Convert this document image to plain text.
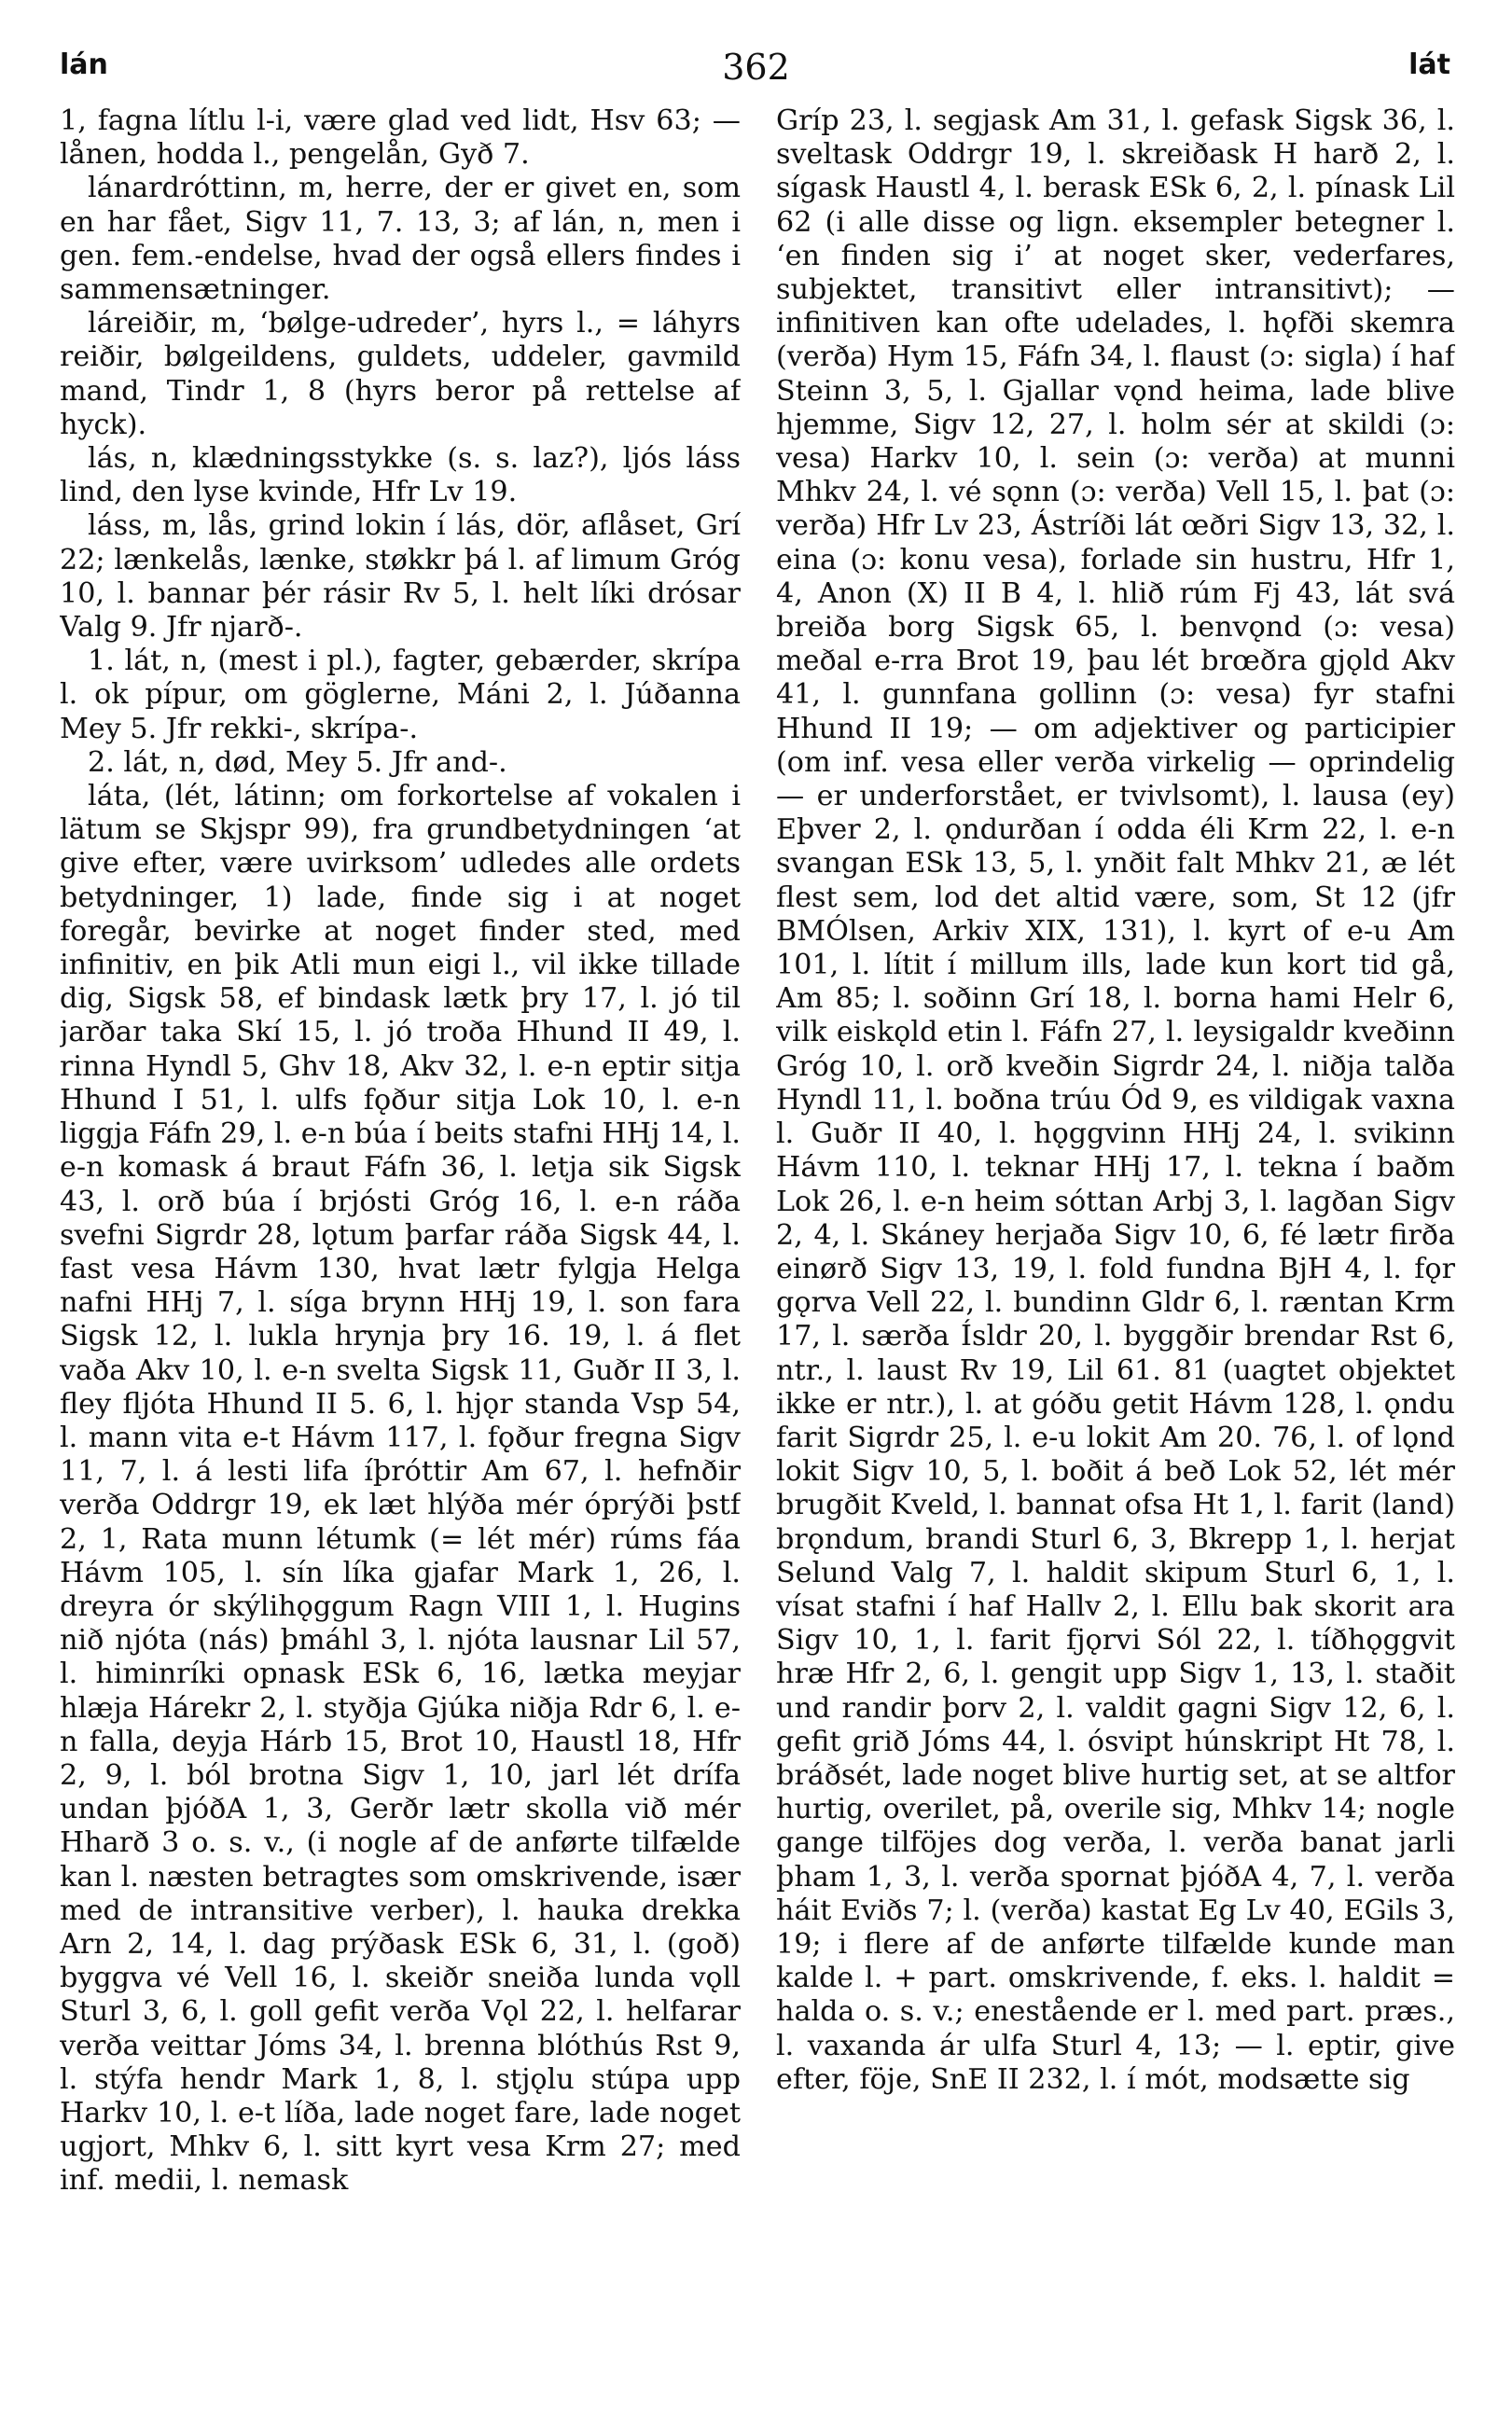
lán	362	lát

1, fagna lítlu l-i, være glad ved lidt, Hsv 63; — lånen, hodda l., pengelån, Gyð 7.

lánardróttinn, m, herre, der er givet en, som en har fået, Sigv 11, 7. 13, 3; af lán, n, men i gen. fem.-endelse, hvad der også ellers findes i sammensætninger.

láreiðir, m, ‘bølge-udreder’, hyrs l., = láhyrs reiðir, bølgeildens, guldets, uddeler, gavmild mand, Tindr 1, 8 (hyrs beror på rettelse af hyck).

lás, n, klædningsstykke (s. s. laz?), ljós láss lind, den lyse kvinde, Hfr Lv 19.

láss, m, lås, grind lokin í lás, dör, aflåset, Grí 22; lænkelås, lænke, støkkr þá l. af limum Gróg 10, l. bannar þér rásir Rv 5, l. helt líki drósar Valg 9. Jfr njarð-.

1. lát, n, (mest i pl.), fagter, gebærder, skrípa l. ok pípur, om göglerne, Máni 2, l. Júðanna Mey 5. Jfr rekki-, skrípa-.

2. lát, n, død, Mey 5. Jfr and-.

láta, (lét, látinn; om forkortelse af vokalen i lätum se Skjspr 99), fra grundbetydningen ‘at give efter, være uvirksom’ udledes alle ordets betydninger, 1) lade, finde sig i at noget foregår, bevirke at noget finder sted, med infinitiv, en þik Atli mun eigi l., vil ikke tillade dig, Sigsk 58, ef bindask lætk þry 17, l. jó til jarðar taka Skí 15, l. jó troða Hhund II 49, l. rinna Hyndl 5, Ghv 18, Akv 32, l. e-n eptir sitja Hhund I 51, l. ulfs fǫður sitja Lok 10, l. e-n liggja Fáfn 29, l. e-n búa í beits stafni HHj 14, l. e-n komask á braut Fáfn 36, l. letja sik Sigsk 43, l. orð búa í brjósti Gróg 16, l. e-n ráða svefni Sigrdr 28, lǫtum þarfar ráða Sigsk 44, l. fast vesa Hávm 130, hvat lætr fylgja Helga nafni HHj 7, l. síga brynn HHj 19, l. son fara Sigsk 12, l. lukla hrynja þry 16. 19, l. á flet vaða Akv 10, l. e-n svelta Sigsk 11, Guðr II 3, l. fley fljóta Hhund II 5. 6, l. hjǫr standa Vsp 54, l. mann vita e-t Hávm 117, l. fǫður fregna Sigv 11, 7, l. á lesti lifa íþróttir Am 67, l. hefnðir verða Oddrgr 19, ek læt hlýða mér óprýði þstf 2, 1, Rata munn létumk (= lét mér) rúms fáa Hávm 105, l. sín líka gjafar Mark 1, 26, l. dreyra ór skýlihǫggum Ragn VIII 1, l. Hugins nið njóta (nás) þmáhl 3, l. njóta lausnar Lil 57, l. himinríki opnask ESk 6, 16, lætka meyjar hlæja Hárekr 2, l. styðja Gjúka niðja Rdr 6, l. e-n falla, deyja Hárb 15, Brot 10, Haustl 18, Hfr 2, 9, l. ból brotna Sigv 1, 10, jarl lét drífa undan þjóðA 1, 3, Gerðr lætr skolla við mér Hharð 3 o. s. v., (i nogle af de anførte tilfælde kan l. næsten betragtes som omskrivende, især med de intransitive verber), l. hauka drekka Arn 2, 14, l. dag prýðask ESk 6, 31, l. (goð) byggva vé Vell 16, l. skeiðr sneiða lunda vǫll Sturl 3, 6, l. goll gefit verða Vǫl 22, l. helfarar verða veittar Jóms 34, l. brenna blóthús Rst 9, l. stýfa hendr Mark 1, 8, l. stjǫlu stúpa upp Harkv 10, l. e-t líða, lade noget fare, lade noget ugjort, Mhkv 6, l. sitt kyrt vesa Krm 27; med inf. medii, l. nemask

Gríp 23, l. segjask Am 31, l. gefask Sigsk 36, l. sveltask Oddrgr 19, l. skreiðask H harð 2, l. sígask Haustl 4, l. berask ESk 6, 2, l. pínask Lil 62 (i alle disse og lign. eksempler betegner l. ‘en finden sig i’ at noget sker, vederfares, subjektet, transitivt eller intransitivt); — infinitiven kan ofte udelades, l. hǫfði skemra (verða) Hym 15, Fáfn 34, l. flaust (ɔ: sigla) í haf Steinn 3, 5, l. Gjallar vǫnd heima, lade blive hjemme, Sigv 12, 27, l. holm sér at skildi (ɔ: vesa) Harkv 10, l. sein (ɔ: verða) at munni Mhkv 24, l. vé sǫnn (ɔ: verða) Vell 15, l. þat (ɔ: verða) Hfr Lv 23, Ástríði lát œðri Sigv 13, 32, l. eina (ɔ: konu vesa), forlade sin hustru, Hfr 1, 4, Anon (X) II B 4, l. hlið rúm Fj 43, lát svá breiða borg Sigsk 65, l. benvǫnd (ɔ: vesa) meðal e-rra Brot 19, þau lét brœðra gjǫld Akv 41, l. gunnfana gollinn (ɔ: vesa) fyr stafni Hhund II 19; — om adjektiver og participier (om inf. vesa eller verða virkelig — oprindelig — er underforstået, er tvivlsomt), l. lausa (ey) Eþver 2, l. ǫndurðan í odda éli Krm 22, l. e-n svangan ESk 13, 5, l. ynðit falt Mhkv 21, æ lét flest sem, lod det altid være, som, St 12 (jfr BMÓlsen, Arkiv XIX, 131), l. kyrt of e-u Am 101, l. lítit í millum ills, lade kun kort tid gå, Am 85; l. soðinn Grí 18, l. borna hami Helr 6, vilk eiskǫld etin l. Fáfn 27, l. leysigaldr kveðinn Gróg 10, l. orð kveðin Sigrdr 24, l. niðja talða Hyndl 11, l. boðna trúu Ód 9, es vildigak vaxna l. Guðr II 40, l. hǫggvinn HHj 24, l. svikinn Hávm 110, l. teknar HHj 17, l. tekna í baðm Lok 26, l. e-n heim sóttan Arbj 3, l. lagðan Sigv 2, 4, l. Skáney herjaða Sigv 10, 6, fé lætr firða einørð Sigv 13, 19, l. fold fundna BjH 4, l. fǫr gǫrva Vell 22, l. bundinn Gldr 6, l. ræntan Krm 17, l. særða Ísldr 20, l. byggðir brendar Rst 6, ntr., l. laust Rv 19, Lil 61. 81 (uagtet objektet ikke er ntr.), l. at góðu getit Hávm 128, l. ǫndu farit Sigrdr 25, l. e-u lokit Am 20. 76, l. of lǫnd lokit Sigv 10, 5, l. boðit á beð Lok 52, lét mér brugðit Kveld, l. bannat ofsa Ht 1, l. farit (land) brǫndum, brandi Sturl 6, 3, Bkrepp 1, l. herjat Selund Valg 7, l. haldit skipum Sturl 6, 1, l. vísat stafni í haf Hallv 2, l. Ellu bak skorit ara Sigv 10, 1, l. farit fjǫrvi Sól 22, l. tíðhǫggvit hræ Hfr 2, 6, l. gengit upp Sigv 1, 13, l. staðit und randir þorv 2, l. valdit gagni Sigv 12, 6, l. gefit grið Jóms 44, l. ósvipt húnskript Ht 78, l. bráðsét, lade noget blive hurtig set, at se altfor hurtig, overilet, på, overile sig, Mhkv 14; nogle gange tilföjes dog verða, l. verða banat jarli þham 1, 3, l. verða spornat þjóðA 4, 7, l. verða háit Eviðs 7; l. (verða) kastat Eg Lv 40, EGils 3, 19; i flere af de anførte tilfælde kunde man kalde l. + part. omskrivende, f. eks. l. haldit = halda o. s. v.; enestående er l. med part. præs., l. vaxanda ár ulfa Sturl 4, 13; — l. eptir, give efter, föje, SnE II 232, l. í mót, modsætte sig
